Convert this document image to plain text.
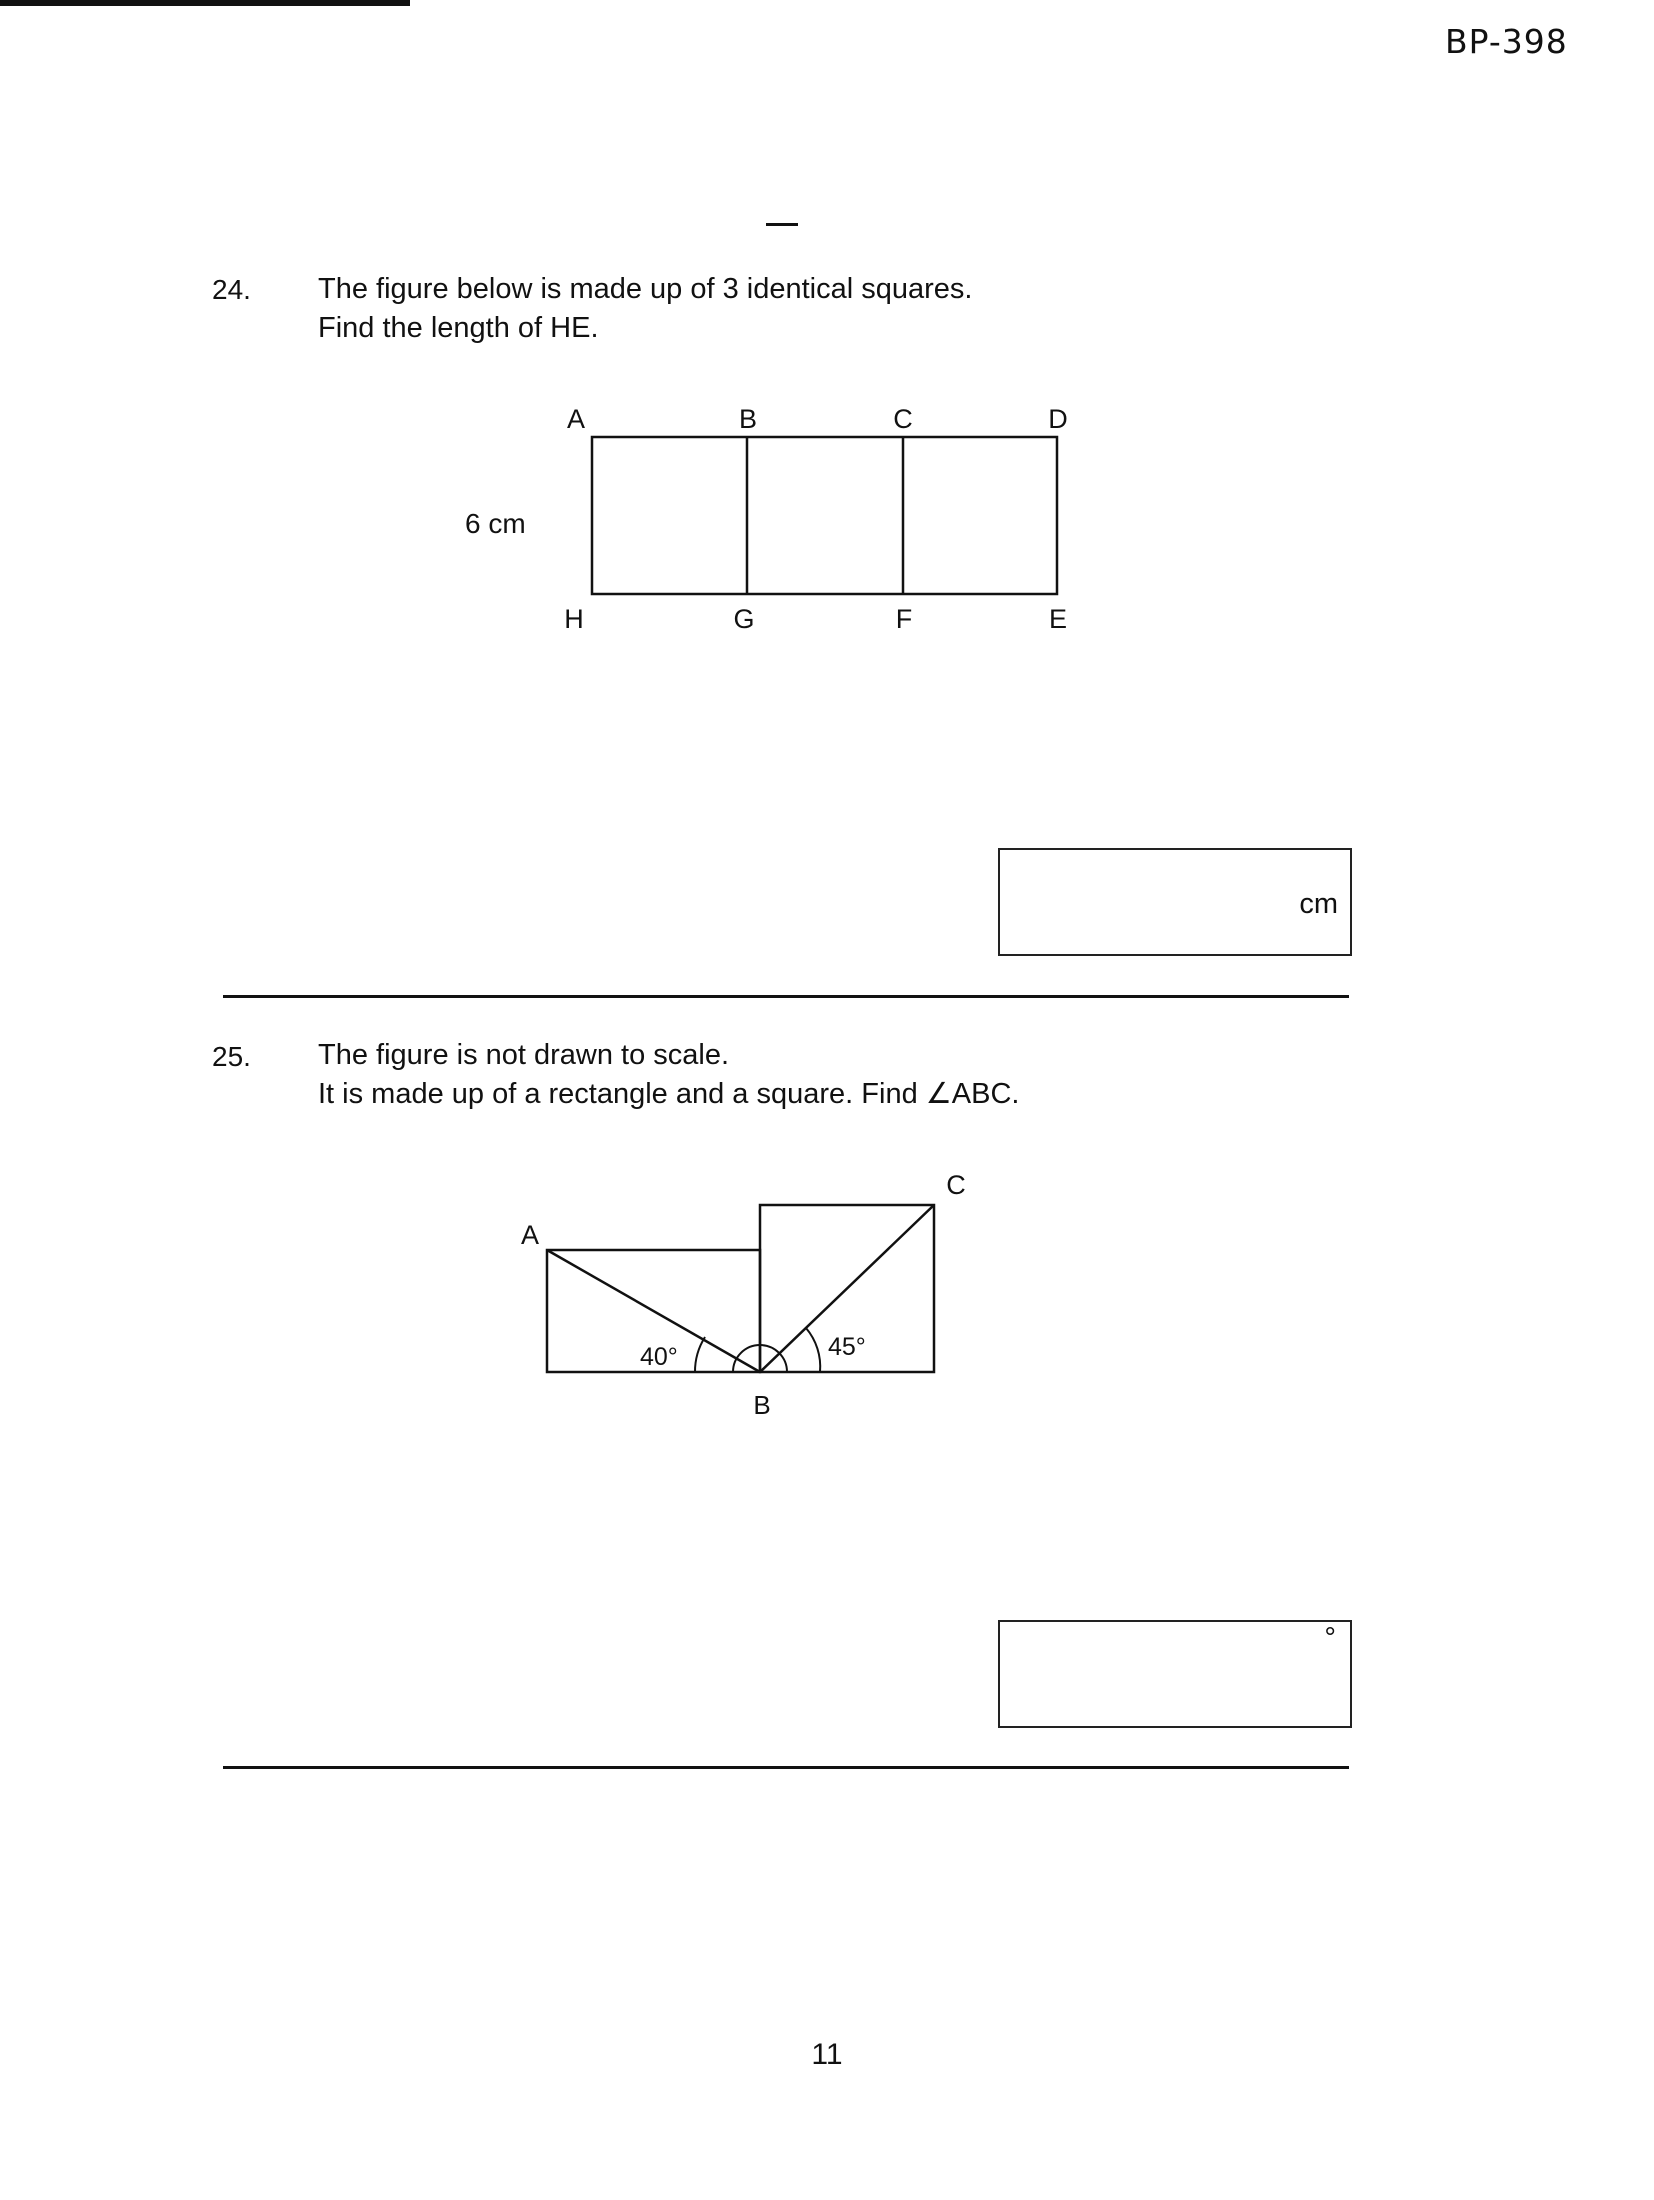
BP-398
24. The figure below is made up of 3 identical squares.
Find the length of HE.
6 cm
A	B	C	D
H	G	F	E
cm
25. The figure is not drawn to scale.
It is made up of a rectangle and a square. Find ∠ABC.
A
B
C
40°	45°
°
11
